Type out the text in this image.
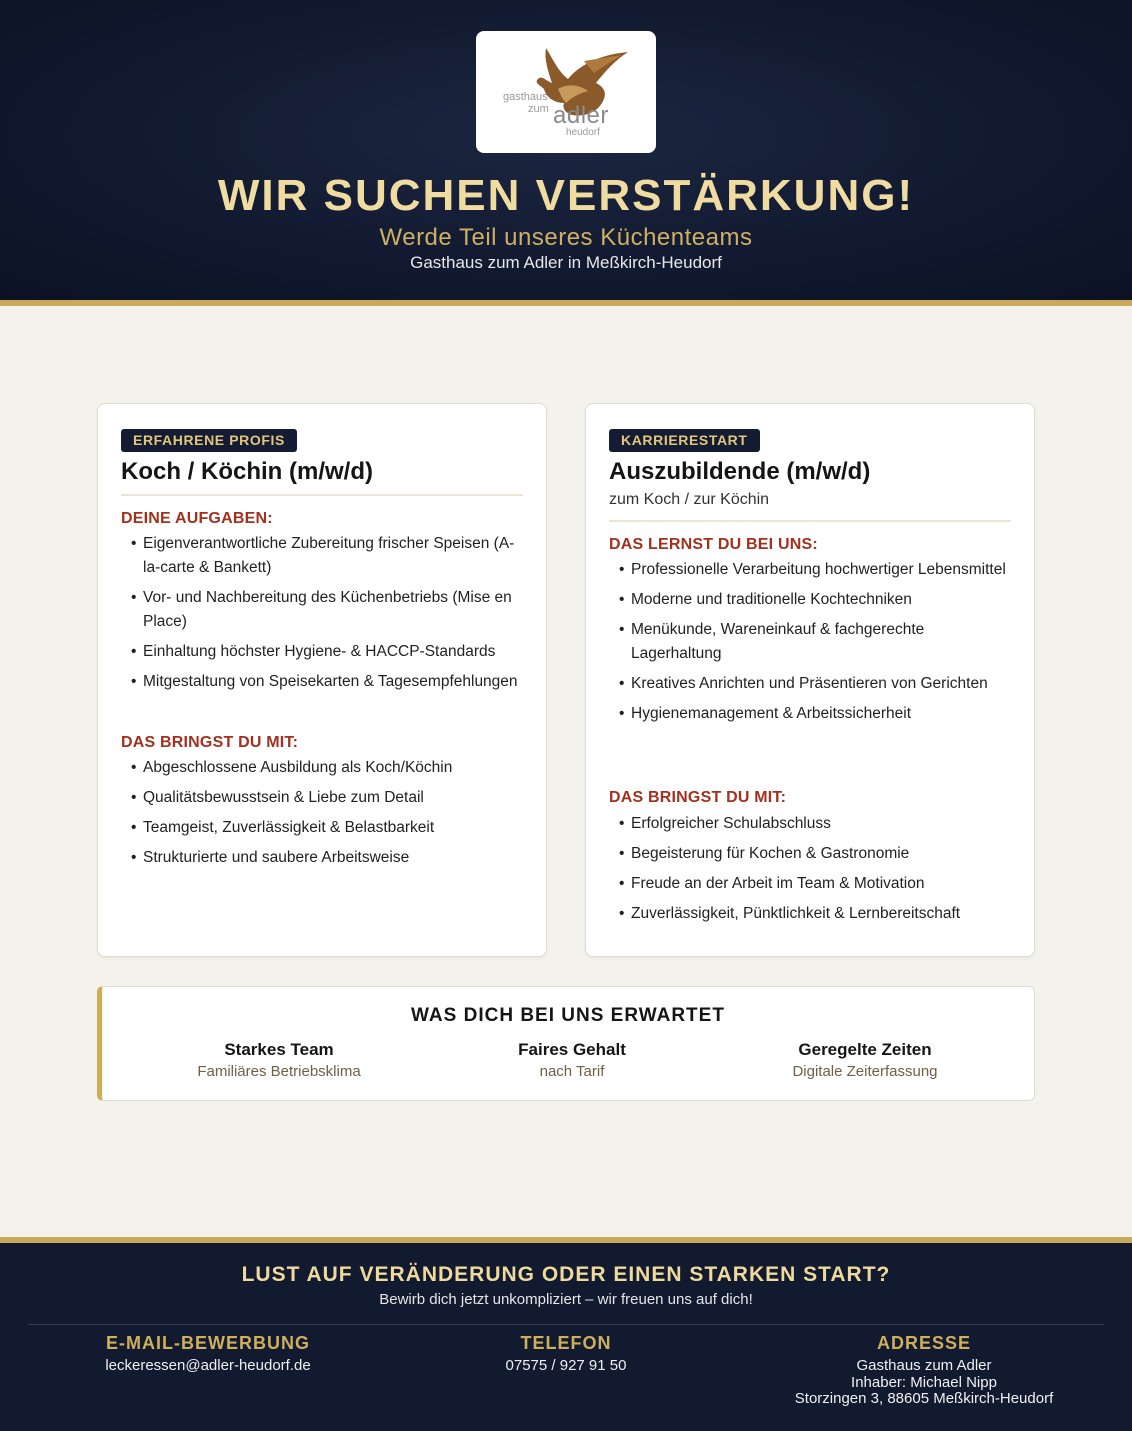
gasthaus
zum adler
heudorf
WIR SUCHEN VERSTÄRKUNG!
Werde Teil unseres Küchenteams
Gasthaus zum Adler in Meßkirch-Heudorf
ERFAHRENE PROFIS
Koch / Köchin (m/w/d)
DEINE AUFGABEN:
• Eigenverantwortliche Zubereitung frischer Speisen (A-la-carte & Bankett)
• Vor- und Nachbereitung des Küchenbetriebs (Mise en Place)
• Einhaltung höchster Hygiene- & HACCP-Standards
• Mitgestaltung von Speisekarten & Tagesempfehlungen
DAS BRINGST DU MIT:
• Abgeschlossene Ausbildung als Koch/Köchin
• Qualitätsbewusstsein & Liebe zum Detail
• Teamgeist, Zuverlässigkeit & Belastbarkeit
• Strukturierte und saubere Arbeitsweise
KARRIERESTART
Auszubildende (m/w/d)
zum Koch / zur Köchin
DAS LERNST DU BEI UNS:
• Professionelle Verarbeitung hochwertiger Lebensmittel
• Moderne und traditionelle Kochtechniken
• Menükunde, Wareneinkauf & fachgerechte Lagerhaltung
• Kreatives Anrichten und Präsentieren von Gerichten
• Hygienemanagement & Arbeitssicherheit
DAS BRINGST DU MIT:
• Erfolgreicher Schulabschluss
• Begeisterung für Kochen & Gastronomie
• Freude an der Arbeit im Team & Motivation
• Zuverlässigkeit, Pünktlichkeit & Lernbereitschaft
WAS DICH BEI UNS ERWARTET
Starkes Team
Familiäres Betriebsklima
Faires Gehalt
nach Tarif
Geregelte Zeiten
Digitale Zeiterfassung
LUST AUF VERÄNDERUNG ODER EINEN STARKEN START?
Bewirb dich jetzt unkompliziert – wir freuen uns auf dich!
E-MAIL-BEWERBUNG
leckeressen@adler-heudorf.de
TELEFON
07575 / 927 91 50
ADRESSE
Gasthaus zum Adler
Inhaber: Michael Nipp
Storzingen 3, 88605 Meßkirch-Heudorf
